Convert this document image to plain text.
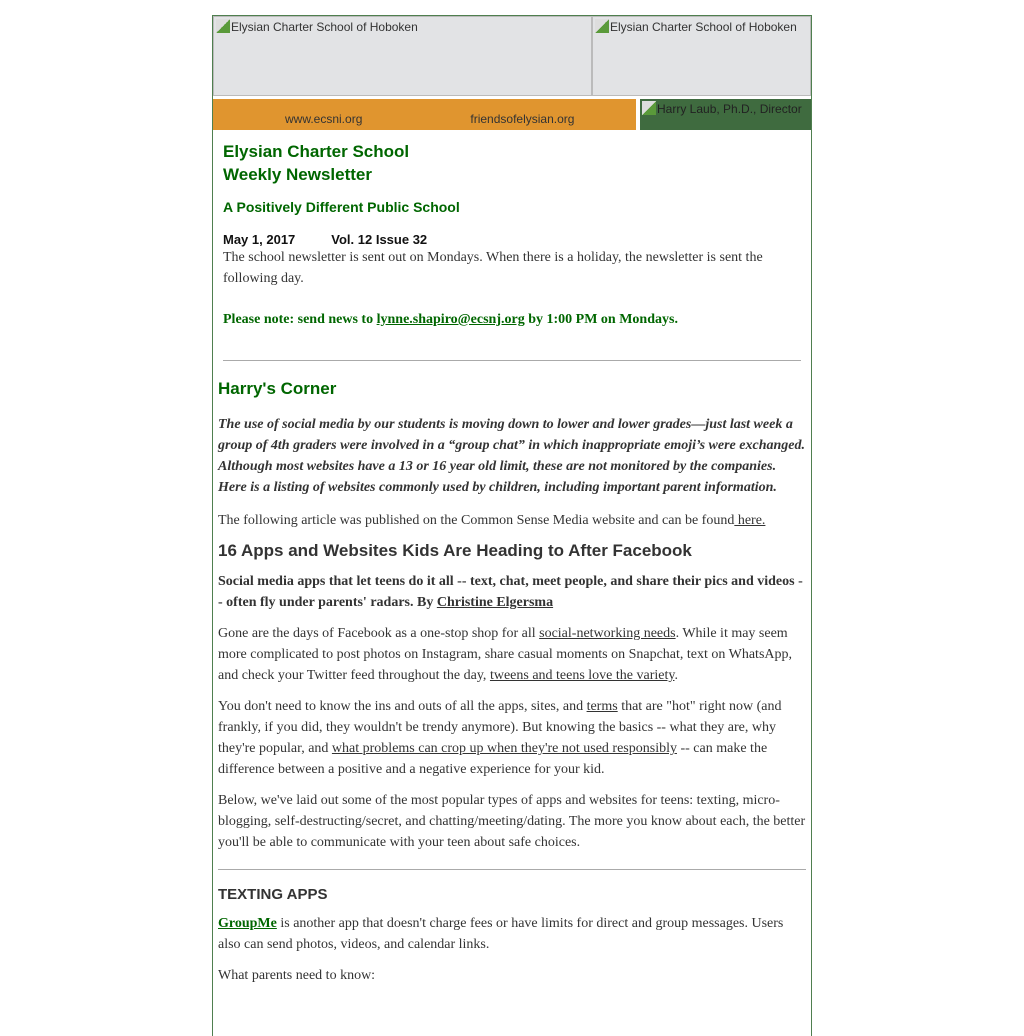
Elysian Charter School of Hoboken	Elysian Charter School of Hoboken
www.ecsni.org	friendsofelysian.org
Harry Laub, Ph.D., Director
Elysian Charter School
Weekly Newsletter
A Positively Different Public School
May 1, 2017	Vol. 12 Issue 32

The school newsletter is sent out on Mondays. When there is a holiday, the newsletter is sent the following day.

Please note: send news to lynne.shapiro@ecsnj.org by 1:00 PM on Mondays.

Harry's Corner

The use of social media by our students is moving down to lower and lower grades—just last week a group of 4th graders were involved in a “group chat” in which inappropriate emoji’s were exchanged. Although most websites have a 13 or 16 year old limit, these are not monitored by the companies. Here is a listing of websites commonly used by children, including important parent information.

The following article was published on the Common Sense Media website and can be found here.

16 Apps and Websites Kids Are Heading to After Facebook

Social media apps that let teens do it all -- text, chat, meet people, and share their pics and videos -- often fly under parents' radars. By Christine Elgersma

Gone are the days of Facebook as a one-stop shop for all social-networking needs. While it may seem more complicated to post photos on Instagram, share casual moments on Snapchat, text on WhatsApp, and check your Twitter feed throughout the day, tweens and teens love the variety.

You don't need to know the ins and outs of all the apps, sites, and terms that are "hot" right now (and frankly, if you did, they wouldn't be trendy anymore). But knowing the basics -- what they are, why they're popular, and what problems can crop up when they're not used responsibly -- can make the difference between a positive and a negative experience for your kid.

Below, we've laid out some of the most popular types of apps and websites for teens: texting, micro-blogging, self-destructing/secret, and chatting/meeting/dating. The more you know about each, the better you'll be able to communicate with your teen about safe choices.

TEXTING APPS

GroupMe is another app that doesn't charge fees or have limits for direct and group messages. Users also can send photos, videos, and calendar links.

What parents need to know:
